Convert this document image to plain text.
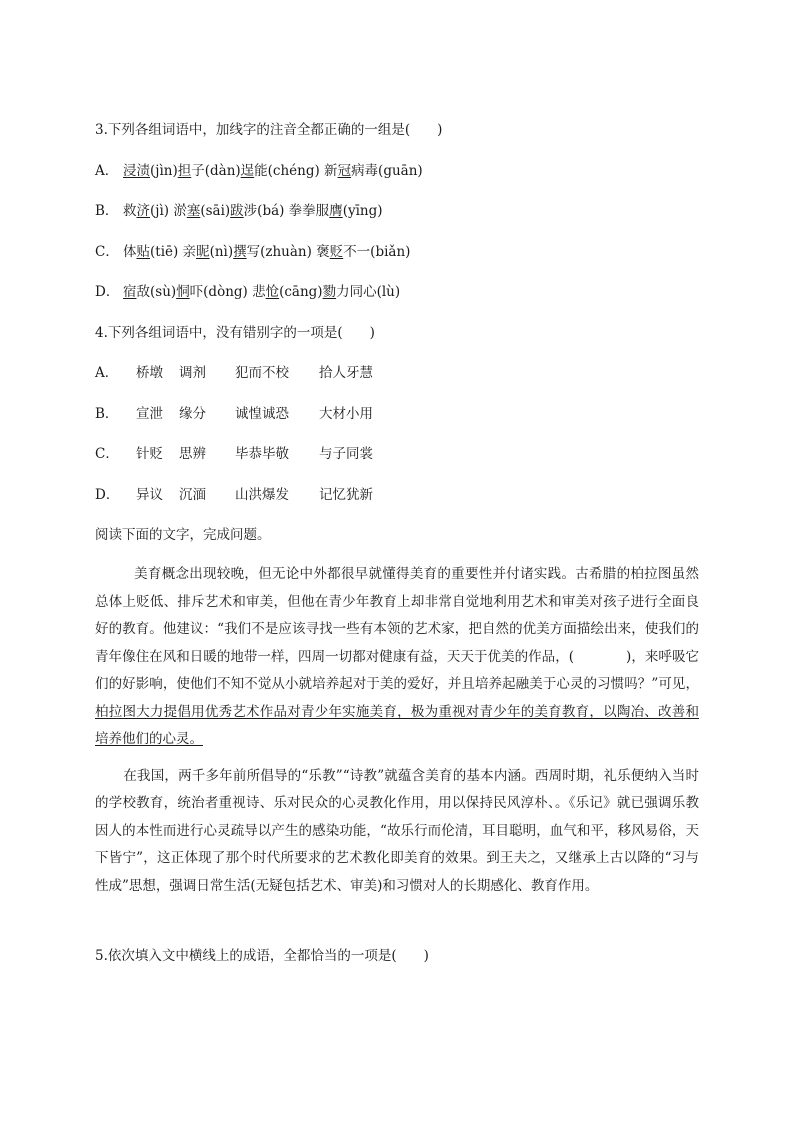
3.下列各组词语中，加线字的注音全都正确的一组是(　　)
A． 浸渍(jìn)担子(dàn)逞能(chéng) 新冠病毒(guān)
B． 救济(jì) 淤塞(sāi)跋涉(bá) 拳拳服膺(yīng)
C． 体贴(tiē) 亲昵(nì)撰写(zhuàn) 褒贬不一(biǎn)
D． 宿敌(sù)恫吓(dòng) 悲怆(cāng)勠力同心(lù)
4.下列各组词语中，没有错别字的一项是(　　)
A． 桥墩 调剂 犯而不校 拾人牙慧
B． 宣泄 缘分 诚惶诚恐 大材小用
C． 针贬 思辨 毕恭毕敬 与子同裳
D． 异议 沉湎 山洪爆发 记忆犹新
阅读下面的文字，完成问题。

美育概念出现较晚，但无论中外都很早就懂得美育的重要性并付诸实践。古希腊的柏拉图虽然总体上贬低、排斥艺术和审美，但他在青少年教育上却非常自觉地利用艺术和审美对孩子进行全面良好的教育。他建议：“我们不是应该寻找一些有本领的艺术家，把自然的优美方面描绘出来，使我们的青年像住在风和日暖的地带一样，四周一切都对健康有益，天天于优美的作品，(	)，来呼吸它们的好影响，使他们不知不觉从小就培养起对于美的爱好，并且培养起融美于心灵的习惯吗？”可见，柏拉图大力提倡用优秀艺术作品对青少年实施美育，极为重视对青少年的美育教育，以陶冶、改善和培养他们的心灵。

在我国，两千多年前所倡导的“乐教”“诗教”就蕴含美育的基本内涵。西周时期，礼乐便纳入当时的学校教育，统治者重视诗、乐对民众的心灵教化作用，用以保持民风淳朴、。《乐记》就已强调乐教因人的本性而进行心灵疏导以产生的感染功能，“故乐行而伦清，耳目聪明，血气和平，移风易俗，天下皆宁”，这正体现了那个时代所要求的艺术教化即美育的效果。到王夫之，又继承上古以降的“习与性成”思想，强调日常生活(无疑包括艺术、审美)和习惯对人的长期感化、教育作用。

5.依次填入文中横线上的成语，全都恰当的一项是(　　)
